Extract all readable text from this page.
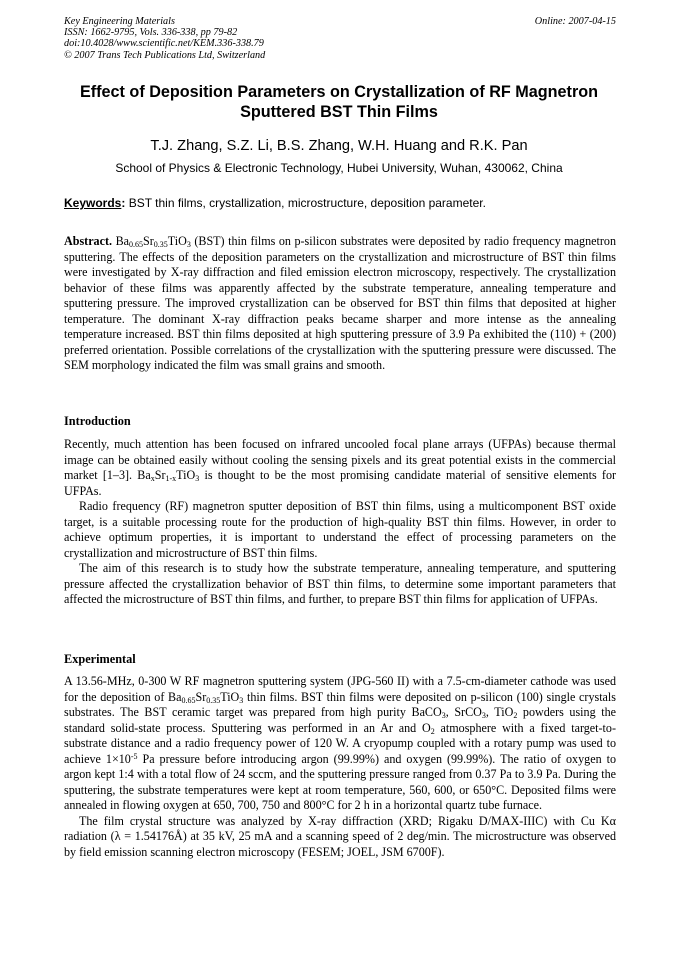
Key Engineering Materials
ISSN: 1662-9795, Vols. 336-338, pp 79-82
doi:10.4028/www.scientific.net/KEM.336-338.79
© 2007 Trans Tech Publications Ltd, Switzerland
Online: 2007-04-15
Effect of Deposition Parameters on Crystallization of RF Magnetron Sputtered BST Thin Films
T.J. Zhang, S.Z. Li, B.S. Zhang, W.H. Huang and R.K. Pan
School of Physics & Electronic Technology, Hubei University, Wuhan, 430062, China
Keywords: BST thin films, crystallization, microstructure, deposition parameter.

Abstract. $Ba_{0.65}Sr_{0.35}TiO_3$ (BST) thin films on p-silicon substrates were deposited by radio frequency magnetron sputtering. The effects of the deposition parameters on the crystallization and microstructure of BST thin films were investigated by X-ray diffraction and filed emission electron microscopy, respectively. The crystallization behavior of these films was apparently affected by the substrate temperature, annealing temperature and sputtering pressure. The improved crystallization can be observed for BST thin films that deposited at higher temperature. The dominant X-ray diffraction peaks became sharper and more intense as the annealing temperature increased. BST thin films deposited at high sputtering pressure of 3.9 Pa exhibited the (110) + (200) preferred orientation. Possible correlations of the crystallization with the sputtering pressure were discussed. The SEM morphology indicated the film was small grains and smooth.

Introduction

Recently, much attention has been focused on infrared uncooled focal plane arrays (UFPAs) because thermal image can be obtained easily without cooling the sensing pixels and its great potential exists in the commercial market [1–3]. $Ba_xSr_{1-x}TiO_3$ is thought to be the most promising candidate material of sensitive elements for UFPAs.

Radio frequency (RF) magnetron sputter deposition of BST thin films, using a multicomponent BST oxide target, is a suitable processing route for the production of high-quality BST thin films. However, in order to achieve optimum properties, it is important to understand the effect of processing parameters on the crystallization and microstructure of BST thin films.

The aim of this research is to study how the substrate temperature, annealing temperature, and sputtering pressure affected the crystallization behavior of BST thin films, to determine some important parameters that affected the microstructure of BST thin films, and further, to prepare BST thin films for application of UFPAs.

Experimental

A 13.56-MHz, 0-300 W RF magnetron sputtering system (JPG-560 II) with a 7.5-cm-diameter cathode was used for the deposition of $Ba_{0.65}Sr_{0.35}TiO_3$ thin films. BST thin films were deposited on p-silicon (100) single crystals substrates. The BST ceramic target was prepared from high purity BaCO$_3$, SrCO$_3$, TiO$_2$ powders using the standard solid-state process. Sputtering was performed in an Ar and $O_2$ atmosphere with a fixed target-to-substrate distance and a radio frequency power of 120 W. A cryopump coupled with a rotary pump was used to achieve $1\times 10^{-5}$ Pa pressure before introducing argon (99.99%) and oxygen (99.99%). The ratio of oxygen to argon kept 1:4 with a total flow of 24 sccm, and the sputtering pressure ranged from 0.37 Pa to 3.9 Pa. During the sputtering, the substrate temperatures were kept at room temperature, 560, 600, or 650°C. Deposited films were annealed in flowing oxygen at 650, 700, 750 and 800°C for 2 h in a horizontal quartz tube furnace.

The film crystal structure was analyzed by X-ray diffraction (XRD; Rigaku D/MAX-IIIC) with Cu Kα radiation (λ = 1.54176Å) at 35 kV, 25 mA and a scanning speed of 2 deg/min. The microstructure was observed by field emission scanning electron microscopy (FESEM; JOEL, JSM 6700F).
